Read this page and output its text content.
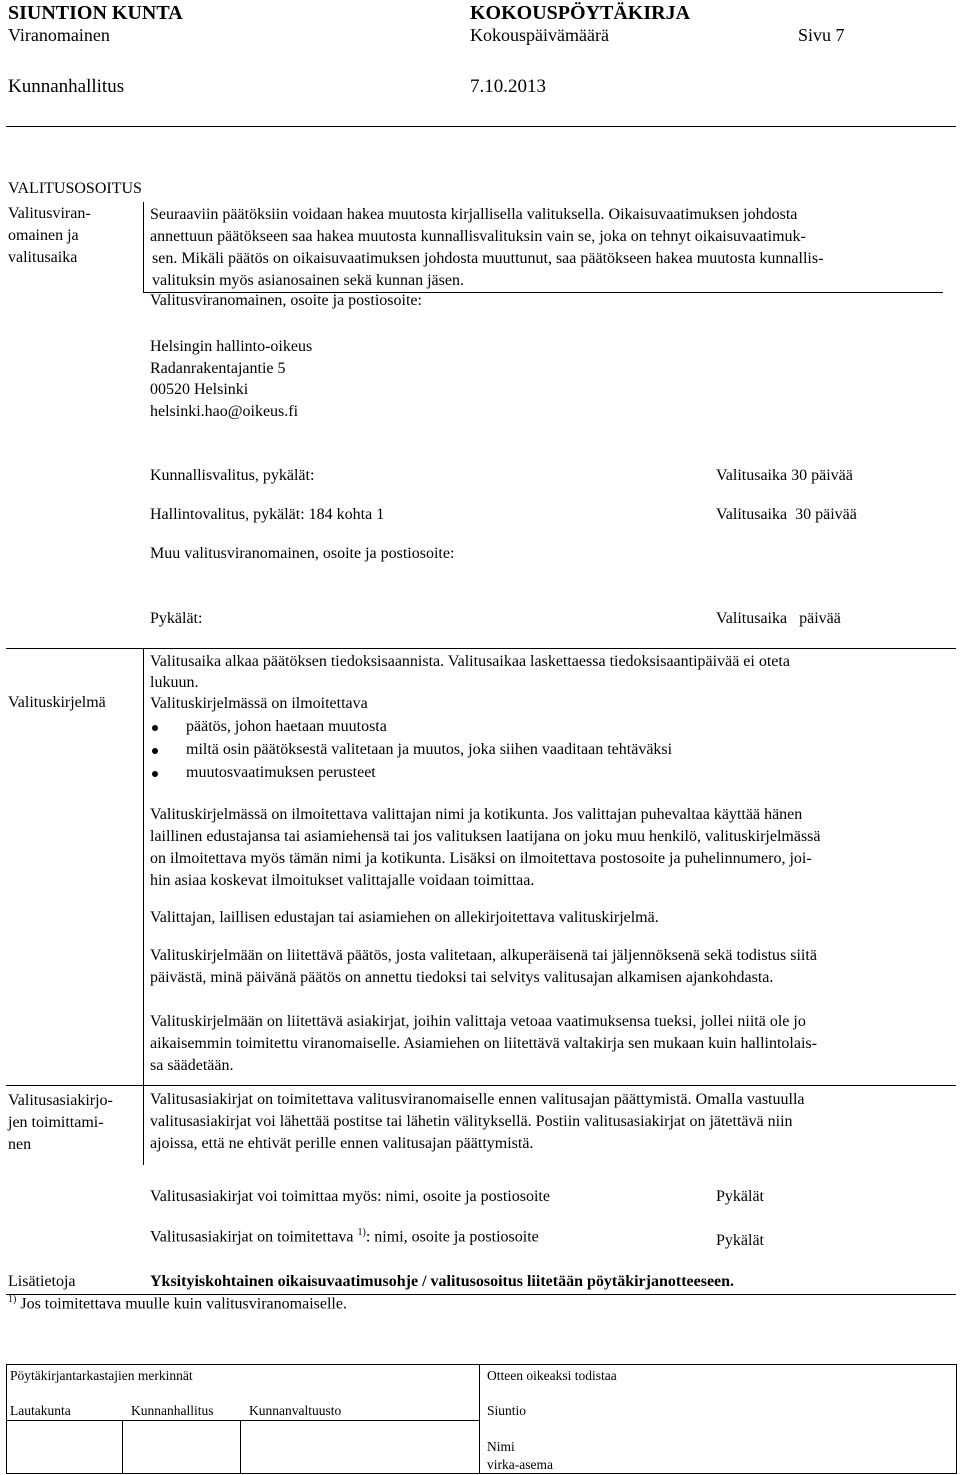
SIUNTION KUNTA	KOKOUSPÖYTÄKIRJA
Viranomainen	Kokouspäivämäärä	Sivu 7
Kunnanhallitus	7.10.2013
VALITUSOSOITUS
Valitusviran-
omainen ja
valitusaika
Seuraaviin päätöksiin voidaan hakea muutosta kirjallisella valituksella. Oikaisuvaatimuksen johdosta
annettuun päätökseen saa hakea muutosta kunnallisvalituksin vain se, joka on tehnyt oikaisuvaatimuk-
sen. Mikäli päätös on oikaisuvaatimuksen johdosta muuttunut, saa päätökseen hakea muutosta kunnallis-
valituksin myös asianosainen sekä kunnan jäsen.
Valitusviranomainen, osoite ja postiosoite:
Helsingin hallinto-oikeus
Radanrakentajantie 5
00520 Helsinki
helsinki.hao@oikeus.fi
Kunnallisvalitus, pykälät:	Valitusaika 30 päivää
Hallintovalitus, pykälät: 184 kohta 1	Valitusaika  30 päivää
Muu valitusviranomainen, osoite ja postiosoite:
Pykälät:	Valitusaika   päivää
Valituskirjelmä
Valitusaika alkaa päätöksen tiedoksisaannista. Valitusaikaa laskettaessa tiedoksisaantipäivää ei oteta
lukuun.
Valituskirjelmässä on ilmoitettava
päätös, johon haetaan muutosta
miltä osin päätöksestä valitetaan ja muutos, joka siihen vaaditaan tehtäväksi
muutosvaatimuksen perusteet
Valituskirjelmässä on ilmoitettava valittajan nimi ja kotikunta. Jos valittajan puhevaltaa käyttää hänen
laillinen edustajansa tai asiamiehensä tai jos valituksen laatijana on joku muu henkilö, valituskirjelmässä
on ilmoitettava myös tämän nimi ja kotikunta. Lisäksi on ilmoitettava postosoite ja puhelinnumero, joi-
hin asiaa koskevat ilmoitukset valittajalle voidaan toimittaa.
Valittajan, laillisen edustajan tai asiamiehen on allekirjoitettava valituskirjelmä.
Valituskirjelmään on liitettävä päätös, josta valitetaan, alkuperäisenä tai jäljennöksenä sekä todistus siitä
päivästä, minä päivänä päätös on annettu tiedoksi tai selvitys valitusajan alkamisen ajankohdasta.
Valituskirjelmään on liitettävä asiakirjat, joihin valittaja vetoaa vaatimuksensa tueksi, jollei niitä ole jo
aikaisemmin toimitettu viranomaiselle. Asiamiehen on liitettävä valtakirja sen mukaan kuin hallintolais-
sa säädetään.
Valitusasiakirjo-
jen toimittami-
nen
Valitusasiakirjat on toimitettava valitusviranomaiselle ennen valitusajan päättymistä. Omalla vastuulla
valitusasiakirjat voi lähettää postitse tai lähetin välityksellä. Postiin valitusasiakirjat on jätettävä niin
ajoissa, että ne ehtivät perille ennen valitusajan päättymistä.
Valitusasiakirjat voi toimittaa myös: nimi, osoite ja postiosoite	Pykälät
Valitusasiakirjat on toimitettava $^{1)}$: nimi, osoite ja postiosoite	Pykälät
Lisätietoja	Yksityiskohtainen oikaisuvaatimusohje / valitusosoitus liitetään pöytäkirjanotteeseen.
$^{1)}$ Jos toimitettava muulle kuin valitusviranomaiselle.
Pöytäkirjantarkastajien merkinnät	Otteen oikeaksi todistaa
Lautakunta	Kunnanhallitus	Kunnanvaltuusto	Siuntio
Nimi
virka-asema
